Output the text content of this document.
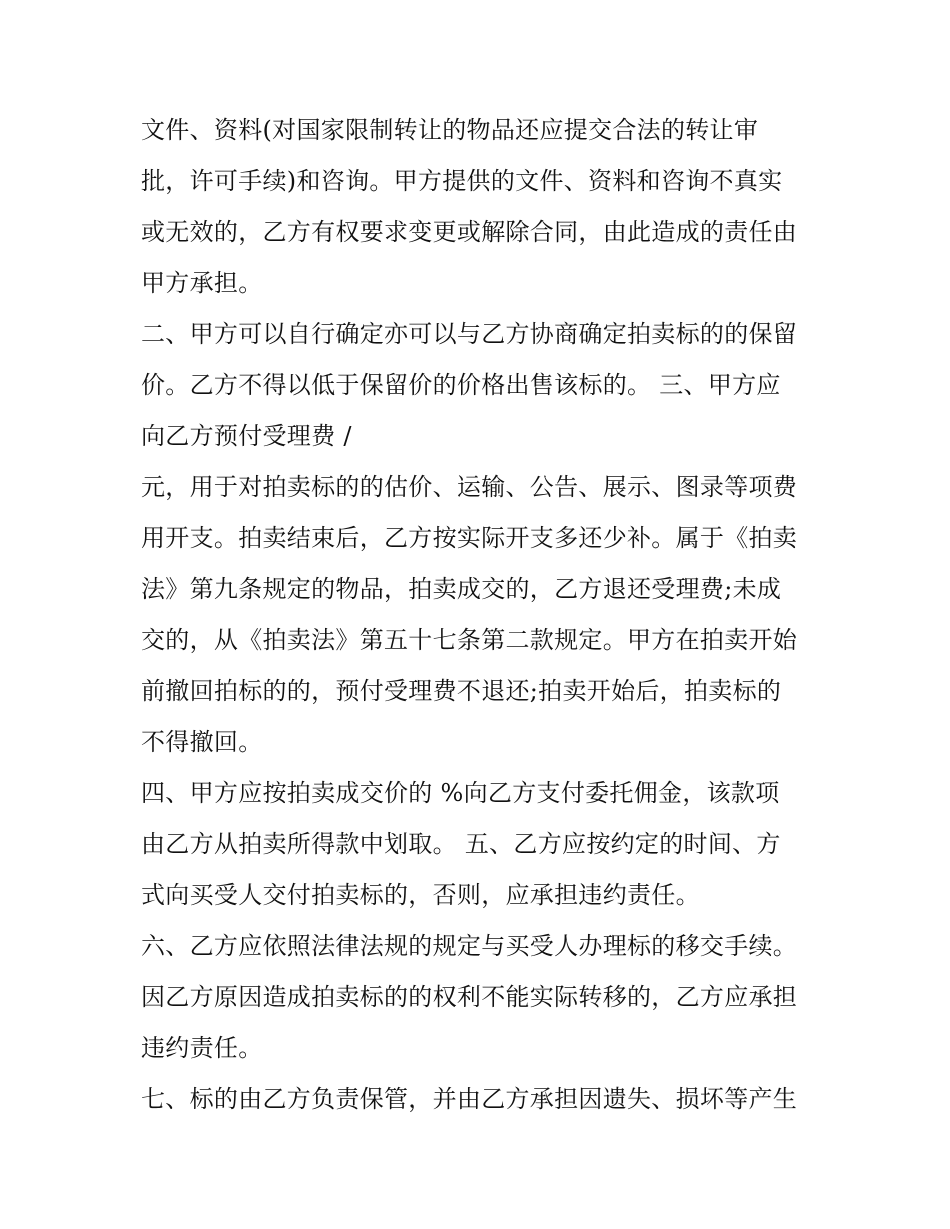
文件、资料(对国家限制转让的物品还应提交合法的转让审
批，许可手续)和咨询。甲方提供的文件、资料和咨询不真实
或无效的，乙方有权要求变更或解除合同，由此造成的责任由
甲方承担。
二、甲方可以自行确定亦可以与乙方协商确定拍卖标的的保留
价。乙方不得以低于保留价的价格出售该标的。 三、甲方应
向乙方预付受理费 /
元，用于对拍卖标的的估价、运输、公告、展示、图录等项费
用开支。拍卖结束后，乙方按实际开支多还少补。属于《拍卖
法》第九条规定的物品，拍卖成交的，乙方退还受理费;未成
交的，从《拍卖法》第五十七条第二款规定。甲方在拍卖开始
前撤回拍标的的，预付受理费不退还;拍卖开始后，拍卖标的
不得撤回。
四、甲方应按拍卖成交价的 %向乙方支付委托佣金，该款项
由乙方从拍卖所得款中划取。 五、乙方应按约定的时间、方
式向买受人交付拍卖标的，否则，应承担违约责任。
六、乙方应依照法律法规的规定与买受人办理标的移交手续。
因乙方原因造成拍卖标的的权利不能实际转移的，乙方应承担
违约责任。
七、标的由乙方负责保管，并由乙方承担因遗失、损坏等产生
